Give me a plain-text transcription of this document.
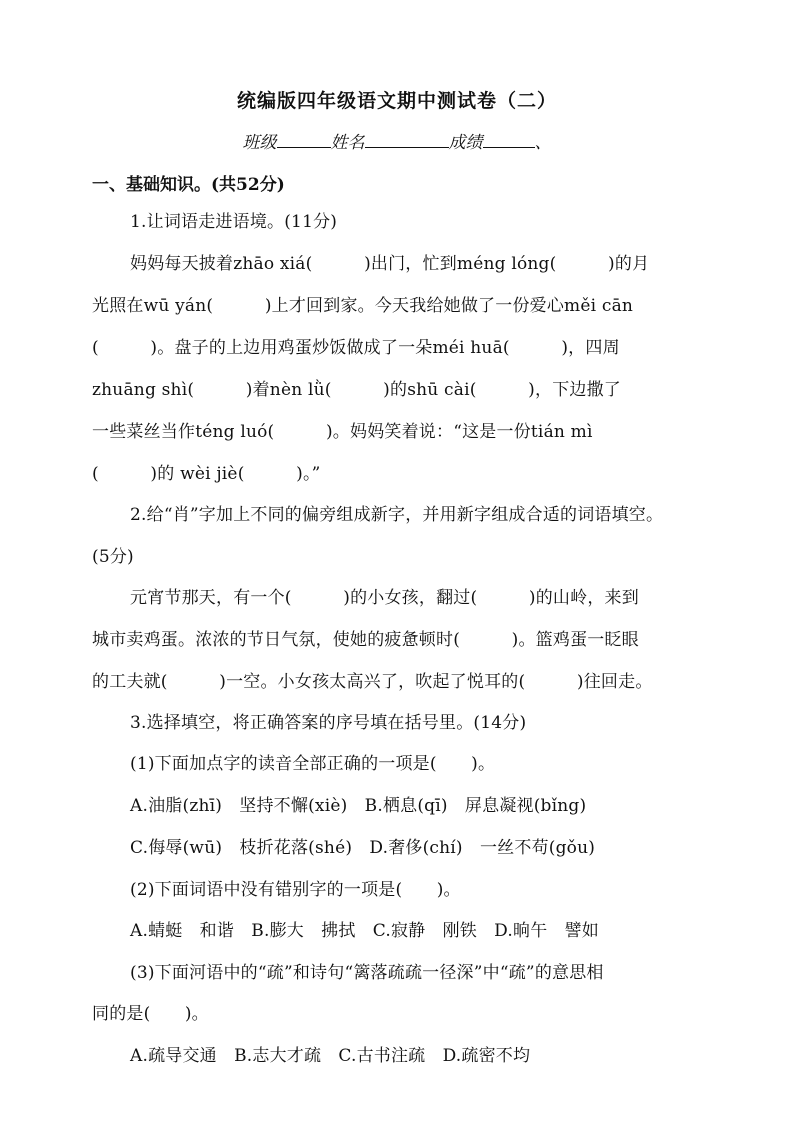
统编版四年级语文期中测试卷（二）
班级	姓名	成绩	、
一、基础知识。(共52分)
1.让词语走进语境。(11分)
妈妈每天披着zhāo xiá(　　　)出门，忙到méng lóng(　　　)的月
光照在wū yán(　　　)上才回到家。今天我给她做了一份爱心měi cān
(　　　)。盘子的上边用鸡蛋炒饭做成了一朵méi huā(　　　)，四周
zhuāng shì(　　　)着nèn lǜ(　　　)的shū cài(　　　)，下边撒了
一些菜丝当作téng luó(　　　)。妈妈笑着说：“这是一份tián mì
(　　　)的 wèi jiè(　　　)。”
2.给“肖”字加上不同的偏旁组成新字，并用新字组成合适的词语填空。
(5分)
元宵节那天，有一个(　　　)的小女孩，翻过(　　　)的山岭，来到
城市卖鸡蛋。浓浓的节日气氛，使她的疲惫顿时(　　　)。篮鸡蛋一眨眼
的工夫就(　　　)一空。小女孩太高兴了，吹起了悦耳的(　　　)往回走。
3.选择填空，将正确答案的序号填在括号里。(14分)
(1)下面加点字的读音全部正确的一项是(　　)。
A.油脂(zhī)　坚持不懈(xiè)　B.栖息(qī)　屏息凝视(bǐng)
C.侮辱(wū)　枝折花落(shé)　D.奢侈(chí)　一丝不苟(gǒu)
(2)下面词语中没有错别字的一项是(　　)。
A.蜻蜓　和谐　B.膨大　拂拭　C.寂静　刚铁　D.晌午　譬如
(3)下面河语中的“疏”和诗句“篱落疏疏一径深”中“疏”的意思相
同的是(　　)。
A.疏导交通　B.志大才疏　C.古书注疏　D.疏密不均
